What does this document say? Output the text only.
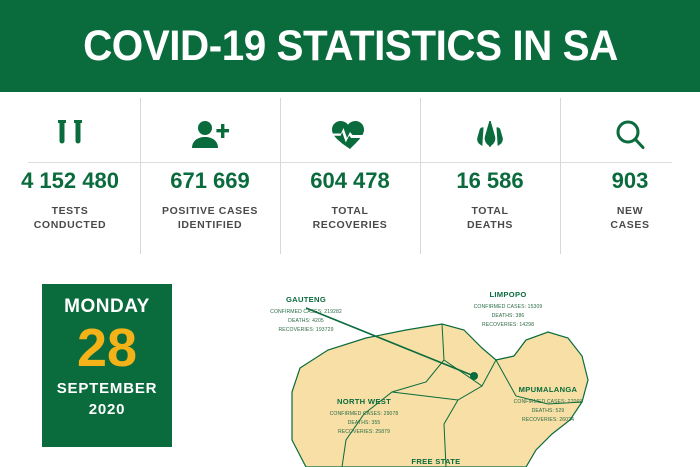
COVID-19 STATISTICS IN SA
4 152 480
TESTS
CONDUCTED
671 669
POSITIVE CASES
IDENTIFIED
604 478
TOTAL
RECOVERIES
16 586
TOTAL
DEATHS
903
NEW
CASES
MONDAY
28
SEPTEMBER
2020
GAUTENG
CONFIRMED CASES: 219282
DEATHS: 4205
RECOVERIES: 193729
LIMPOPO
CONFIRMED CASES: 15309
DEATHS: 386
RECOVERIES: 14298
MPUMALANGA
CONFIRMED CASES: 27069
DEATHS: 529
RECOVERIES: 26024
NORTH WEST
CONFIRMED CASES: 29078
DEATHS: 355
RECOVERIES: 25879
FREE STATE
